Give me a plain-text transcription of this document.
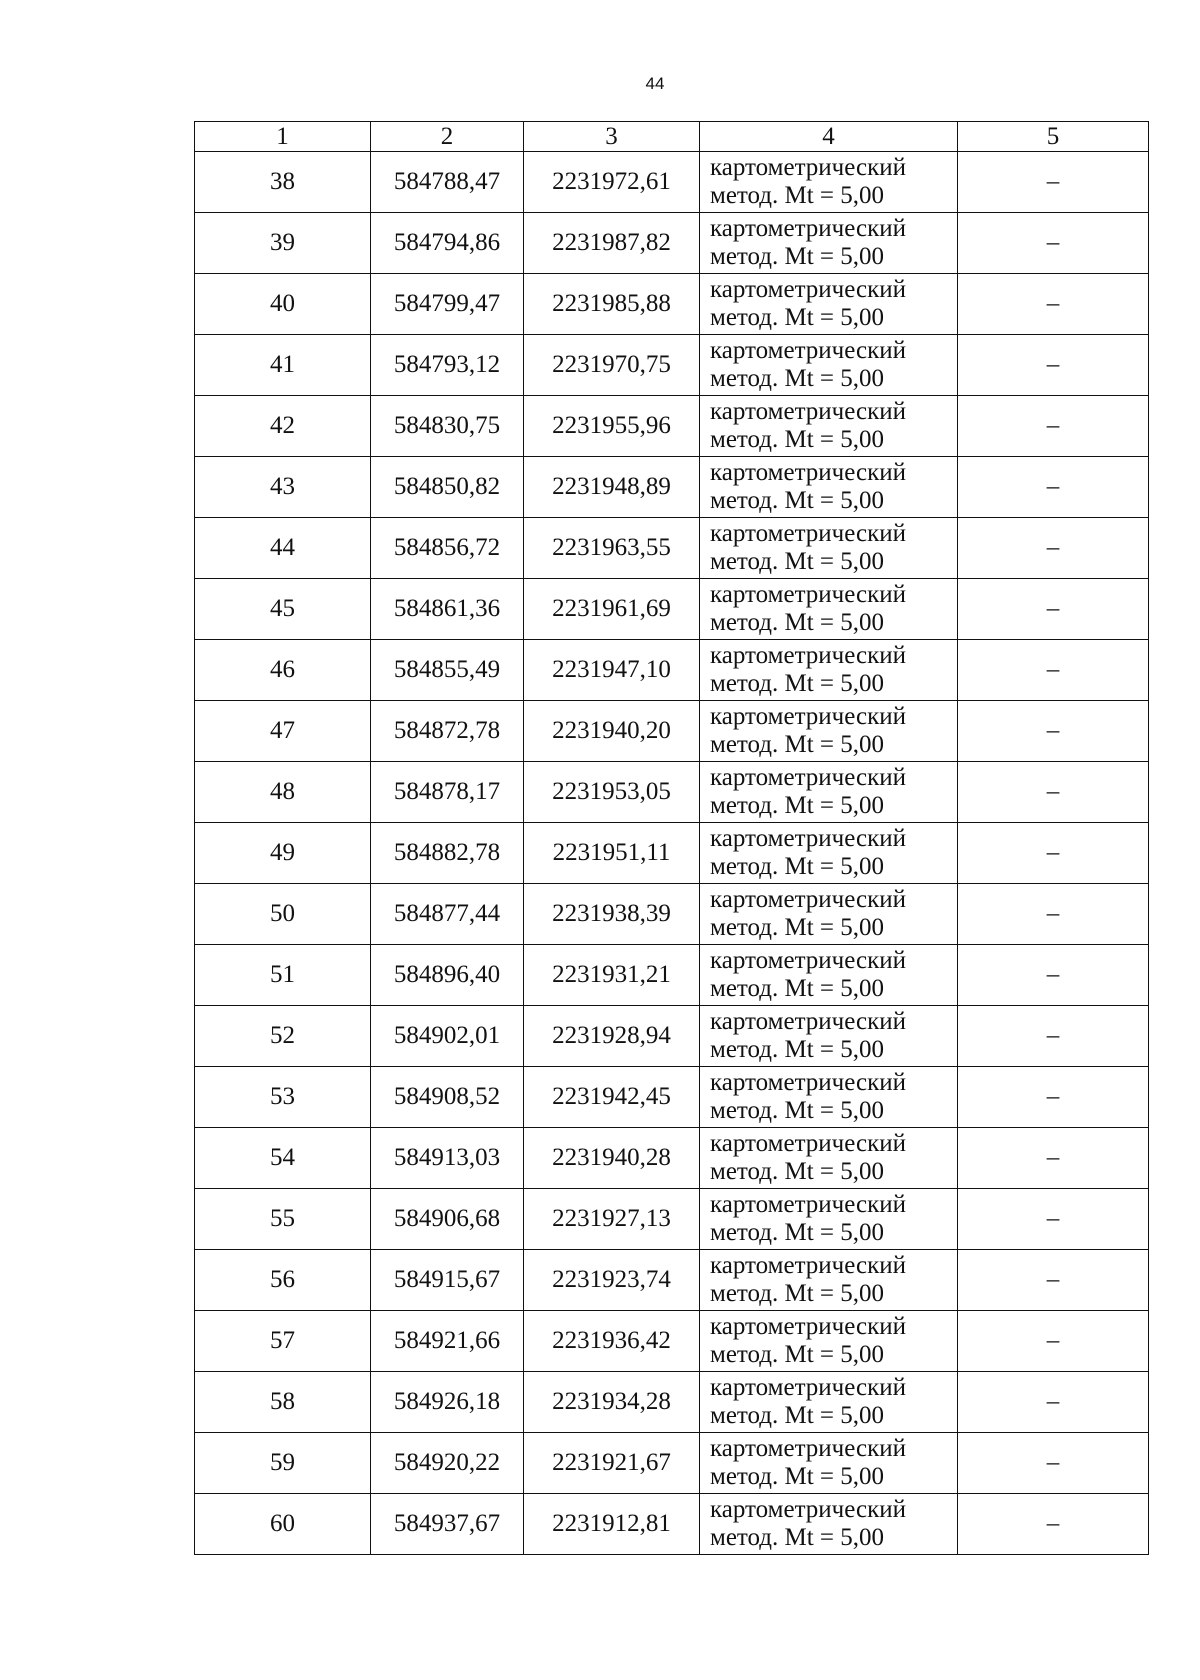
44
1	2	3	4	5
38	584788,47	2231972,61	картометрический
метод. Mt = 5,00	–
39	584794,86	2231987,82	картометрический
метод. Mt = 5,00	–
40	584799,47	2231985,88	картометрический
метод. Mt = 5,00	–
41	584793,12	2231970,75	картометрический
метод. Mt = 5,00	–
42	584830,75	2231955,96	картометрический
метод. Mt = 5,00	–
43	584850,82	2231948,89	картометрический
метод. Mt = 5,00	–
44	584856,72	2231963,55	картометрический
метод. Mt = 5,00	–
45	584861,36	2231961,69	картометрический
метод. Mt = 5,00	–
46	584855,49	2231947,10	картометрический
метод. Mt = 5,00	–
47	584872,78	2231940,20	картометрический
метод. Mt = 5,00	–
48	584878,17	2231953,05	картометрический
метод. Mt = 5,00	–
49	584882,78	2231951,11	картометрический
метод. Mt = 5,00	–
50	584877,44	2231938,39	картометрический
метод. Mt = 5,00	–
51	584896,40	2231931,21	картометрический
метод. Mt = 5,00	–
52	584902,01	2231928,94	картометрический
метод. Mt = 5,00	–
53	584908,52	2231942,45	картометрический
метод. Mt = 5,00	–
54	584913,03	2231940,28	картометрический
метод. Mt = 5,00	–
55	584906,68	2231927,13	картометрический
метод. Mt = 5,00	–
56	584915,67	2231923,74	картометрический
метод. Mt = 5,00	–
57	584921,66	2231936,42	картометрический
метод. Mt = 5,00	–
58	584926,18	2231934,28	картометрический
метод. Mt = 5,00	–
59	584920,22	2231921,67	картометрический
метод. Mt = 5,00	–
60	584937,67	2231912,81	картометрический
метод. Mt = 5,00	–
